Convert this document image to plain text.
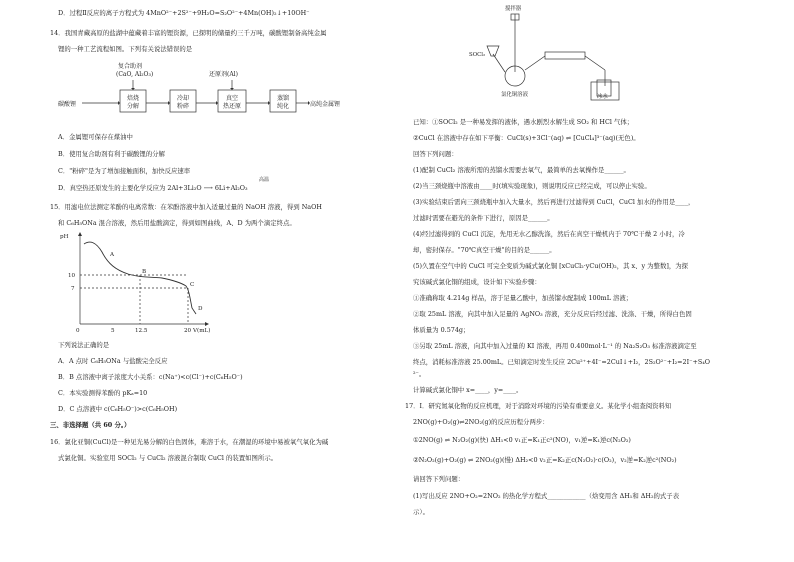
D．过程Ⅱ反应的离子方程式为 4MnO²⁻+2S²⁻+9H₂O=S₂O²⁻+4Mn(OH)₂↓+10OH⁻
14．我国青藏高原的盐湖中蕴藏着丰富的锂资源，已探明的储量约三千万吨，碳酸锂制备高纯金属
锂的一种工艺流程如图。下列有关说法错误的是
复合助剂
(CaO, Al₂O₃)	还原剂(Al)
碳酸锂	高纯金属锂
焙烧
分解
冷却
粉碎
真空
热还原
蒸馏
纯化
A．金属锂可保存在煤油中
B．使用复合助剂有利于碳酸锂的分解
C．"粉碎"是为了增加接触面积，加快反应速率
高温
D．真空热还原发生的主要化学反应为 2Al+3Li₂O ⟶ 6Li+Al₂O₃
15．用滤电位法测定苯酚的电离常数：在苯酚溶液中加入适量过量的 NaOH 溶液，得到 NaOH
和 C₆H₅ONa 混合溶液，然后用盐酸滴定，得到如图曲线，A、D 为两个滴定终点。
pH
10
7
0	5	12.5	20 V(mL)
A
B
C
D
下列说法正确的是
A．A 点时 C₆H₅ONa 与盐酸完全反应
B．B 点溶液中离子浓度大小关系：c(Na⁺)<c(Cl⁻)+c(C₆H₅O⁻)
C．本实验测得苯酚的 pKₐ=10
D．C 点溶液中 c(C₆H₅O⁻)>c(C₆H₅OH)
三、非选择题（共 60 分。）
16．氯化亚铜(CuCl)是一种见光易分解的白色固体，难溶于水，在潮湿的环境中易被氧气氧化为碱
式氯化铜。实验室用 SOCl₂ 与 CuCl₂ 溶液混合制取 CuCl 的装置如图所示。
搅拌器
SOCl₂
氯化铜溶液	冰水
已知：①SOCl₂ 是一种易发挥的液体，遇水剧烈水解生成 SO₂ 和 HCl 气体；
②CuCl 在溶液中存在如下平衡：CuCl(s)+3Cl⁻(aq) ⇌ [CuCl₄]³⁻(aq)(无色)。
回答下列问题：
(1)配制 CuCl₂ 溶液所需的蒸馏水需要去氧气，最简单的去氧操作是______。
(2)当三颈烧瓶中溶液由____时(填实验现象)，则说明反应已经完成，可以停止实验。
(3)实验结束后需向三颈烧瓶中加入大量水，然后再进行过滤得到 CuCl，CuCl 加水的作用是____，
过滤时需要在避光的条件下进行，原因是______。
(4)经过滤得到的 CuCl 沉淀，先用无水乙醇洗涤，然后在真空干燥机内于 70℃干燥 2 小时，冷
却，密封保存。"70℃真空干燥"的目的是______。
(5)久置在空气中的 CuCl 可完全变质为碱式氯化铜 [xCuCl₂·yCu(OH)₂，其 x、y 为整数]，为探
究该碱式氯化铜的组成，设计如下实验步骤：
①准确称取 4.214g 样品，溶于足量乙酸中，加蒸馏水配制成 100mL 溶液；
②取 25mL 溶液，向其中加入足量的 AgNO₃ 溶液，充分反应后经过滤、洗涤、干燥，所得白色固
体质量为 0.574g；
③另取 25mL 溶液，向其中加入过量的 KI 溶液，再用 0.400mol·L⁻¹ 的 Na₂S₂O₃ 标准溶液滴定至
终点，消耗标准溶液 25.00mL。已知滴定时发生反应 2Cu²⁺+4I⁻=2CuI↓+I₂，2S₂O²⁻+I₂=2I⁻+S₄O
²⁻。
计算碱式氯化铜中 x=____，y=____。
17．I．研究氮氧化物的反应机理，对于消除对环境的污染有重要意义。某化学小组查阅资料知
2NO(g)+O₂(g)⇌2NO₂(g)的反应历程分两步：
①2NO(g) ⇌ N₂O₂(g)(快) ΔH₁<0 v₁正=K₁正c²(NO)，v₁逆=K₁逆c(N₂O₂)
②N₂O₂(g)+O₂(g) ⇌ 2NO₂(g)(慢) ΔH₂<0 v₂正=K₂正c(N₂O₂)·c(O₂)，v₂逆=K₂逆c²(NO₂)
请回答下列问题：
(1)写出反应 2NO+O₂=2NO₂ 的热化学方程式____________（焓变用含 ΔH₁和 ΔH₂的式子表
示）。
